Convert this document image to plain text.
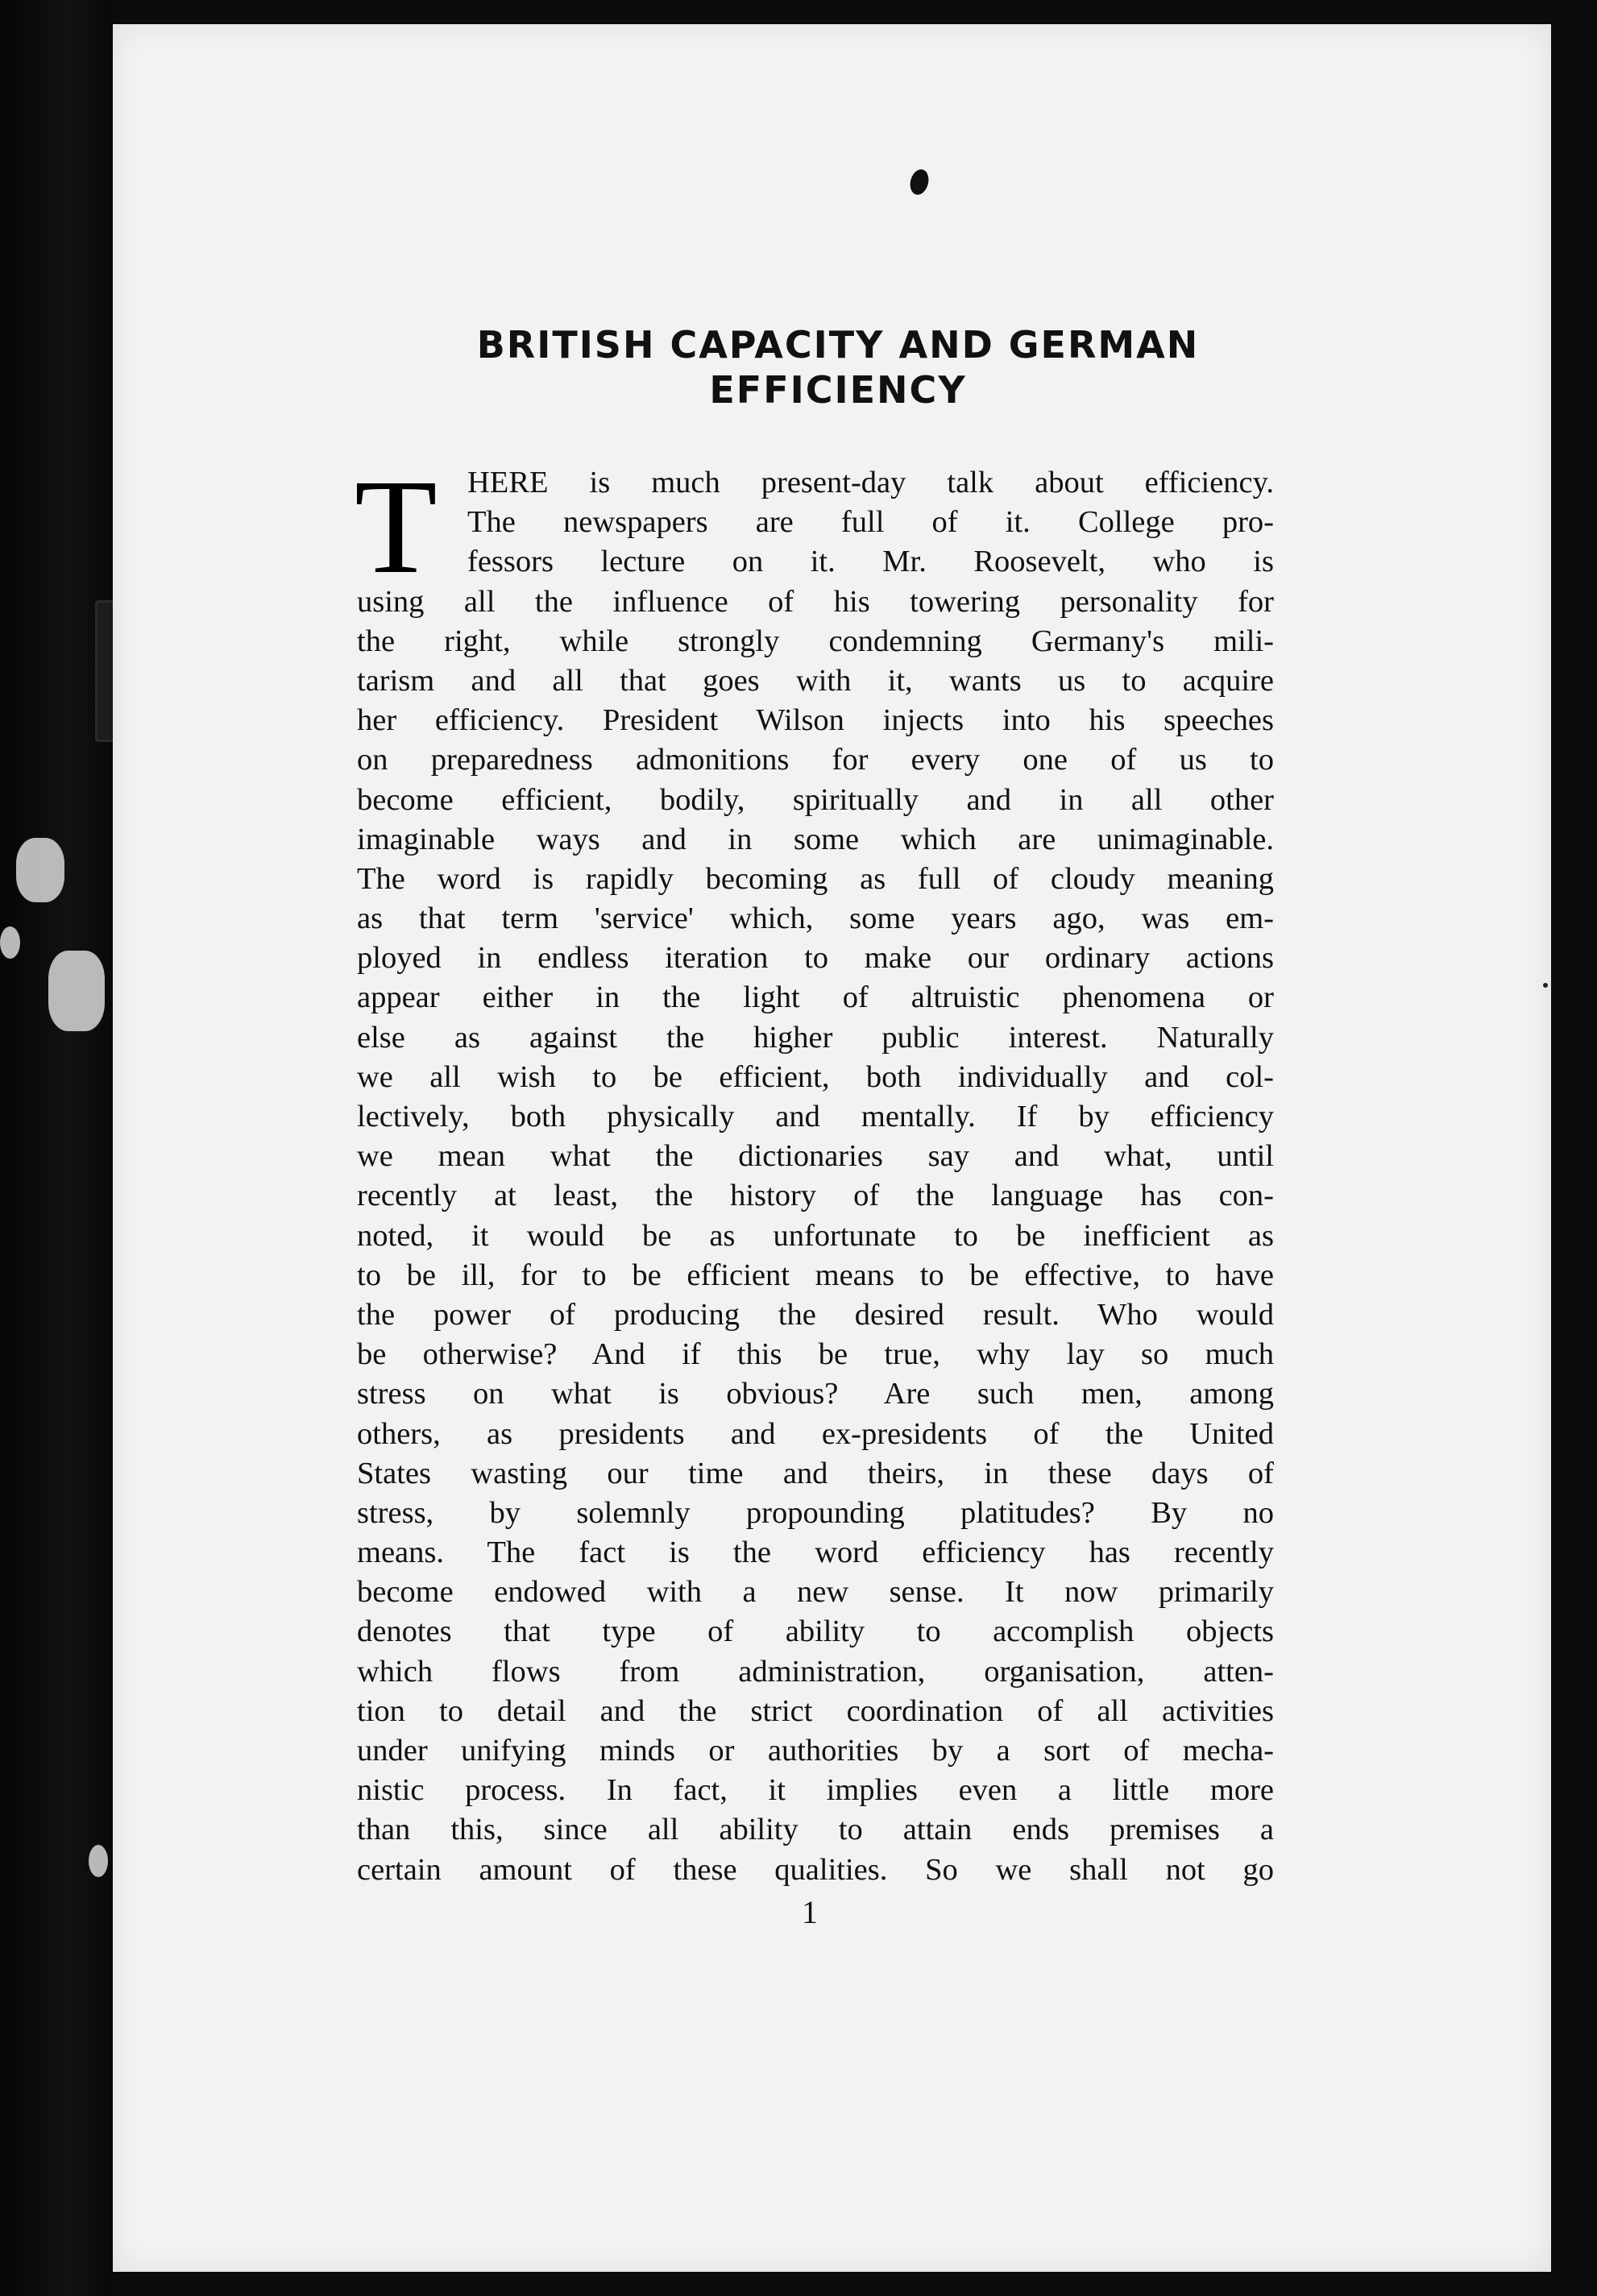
BRITISH CAPACITY AND GERMAN
EFFICIENCY
T HERE is much present-day talk about efficiency.
The newspapers are full of it. College pro-
fessors lecture on it. Mr. Roosevelt, who is
using all the influence of his towering personality for
the right, while strongly condemning Germany's mili-
tarism and all that goes with it, wants us to acquire
her efficiency. President Wilson injects into his speeches
on preparedness admonitions for every one of us to
become efficient, bodily, spiritually and in all other
imaginable ways and in some which are unimaginable.
The word is rapidly becoming as full of cloudy meaning
as that term 'service' which, some years ago, was em-
ployed in endless iteration to make our ordinary actions
appear either in the light of altruistic phenomena or
else as against the higher public interest. Naturally
we all wish to be efficient, both individually and col-
lectively, both physically and mentally. If by efficiency
we mean what the dictionaries say and what, until
recently at least, the history of the language has con-
noted, it would be as unfortunate to be inefficient as
to be ill, for to be efficient means to be effective, to have
the power of producing the desired result. Who would
be otherwise? And if this be true, why lay so much
stress on what is obvious? Are such men, among
others, as presidents and ex-presidents of the United
States wasting our time and theirs, in these days of
stress, by solemnly propounding platitudes? By no
means. The fact is the word efficiency has recently
become endowed with a new sense. It now primarily
denotes that type of ability to accomplish objects
which flows from administration, organisation, atten-
tion to detail and the strict coordination of all activities
under unifying minds or authorities by a sort of mecha-
nistic process. In fact, it implies even a little more
than this, since all ability to attain ends premises a
certain amount of these qualities. So we shall not go
1
